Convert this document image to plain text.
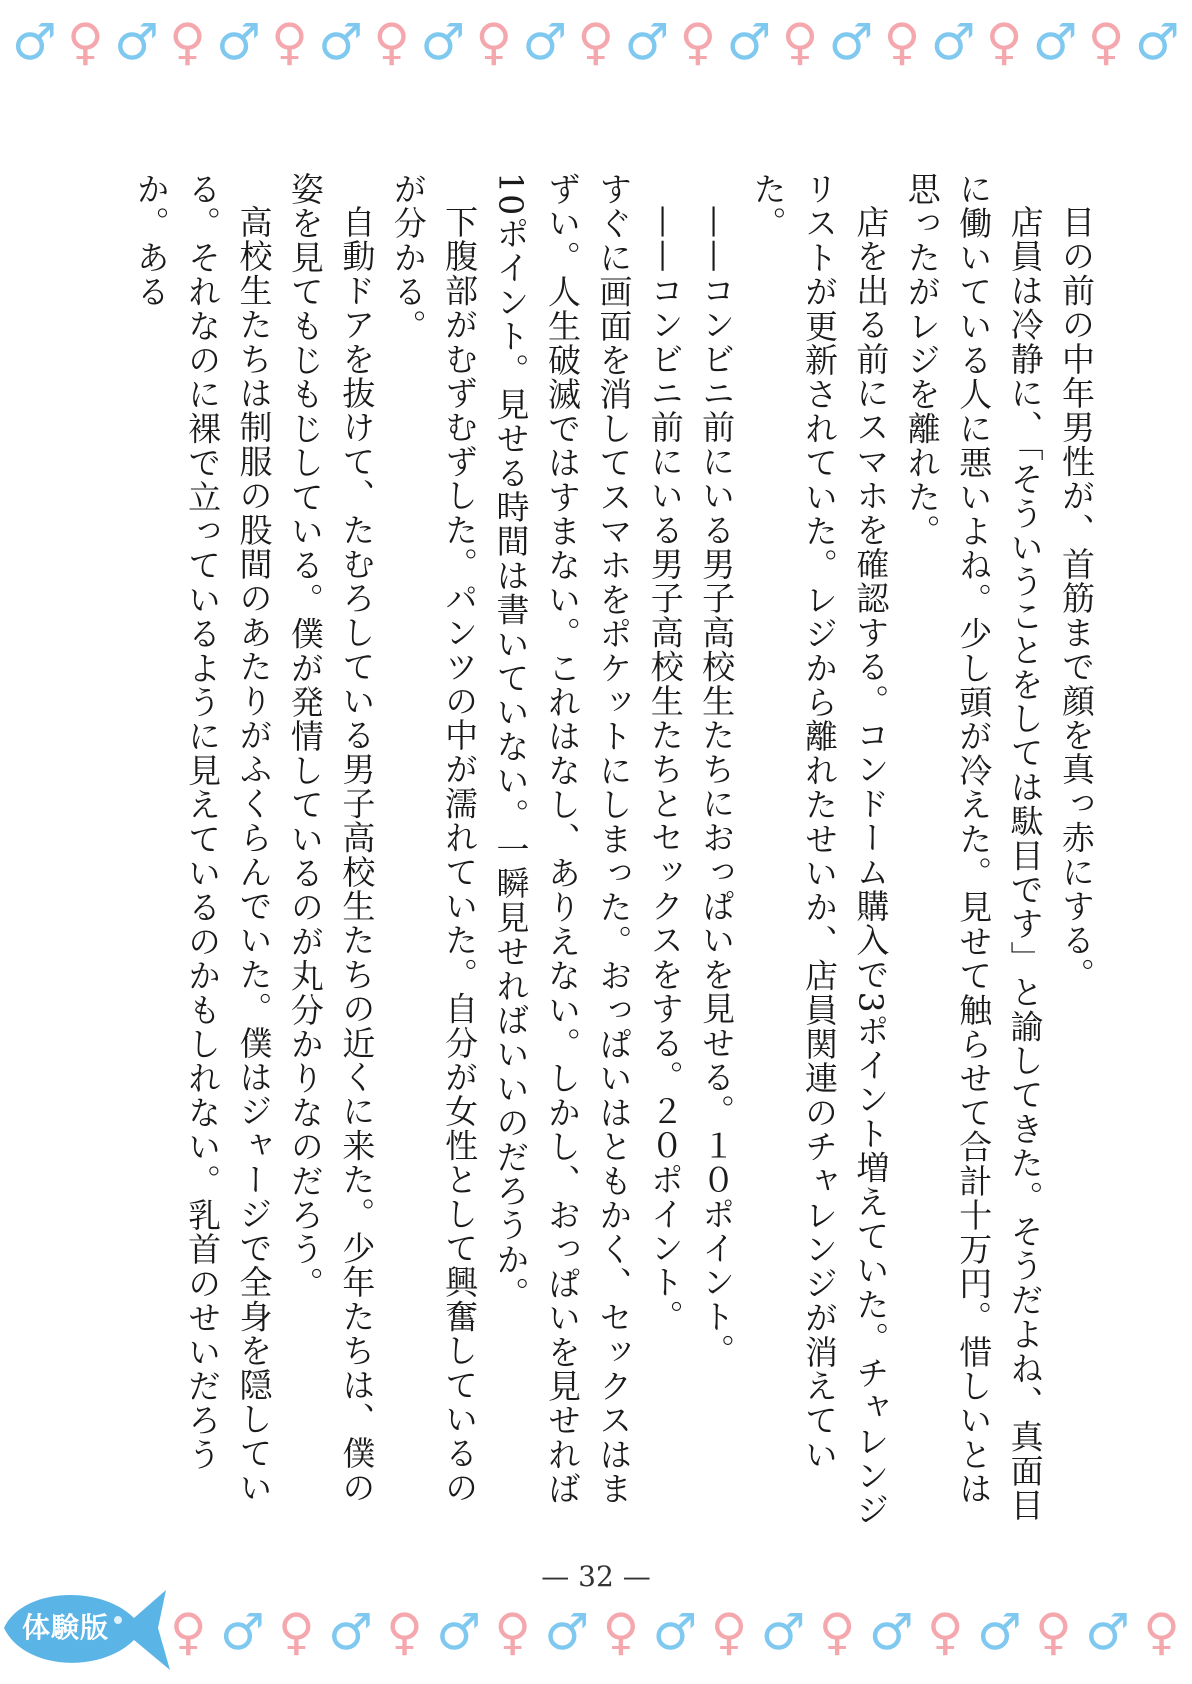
♂ ♀ ♂ ♀ ♂ ♀ ♂ ♀ ♂ ♀ ♂ ♀ ♂ ♀ ♂ ♀ ♂ ♀ ♂ ♀ ♂ ♀ ♂

目の前の中年男性が、首筋まで顔を真っ赤にする。

店員は冷静に、「そういうことをしては駄目です」と諭してきた。そうだよね、真面目に働いている人に悪いよね。少し頭が冷えた。見せて触らせて合計十万円。惜しいとは思ったがレジを離れた。

店を出る前にスマホを確認する。コンドーム購入で3ポイント増えていた。チャレンジリストが更新されていた。レジから離れたせいか、店員関連のチャレンジが消えていた。

——コンビニ前にいる男子高校生たちにおっぱいを見せる。１０ポイント。

——コンビニ前にいる男子高校生たちとセックスをする。２０ポイント。

すぐに画面を消してスマホをポケットにしまった。おっぱいはともかく、セックスはまずい。人生破滅ではすまない。これはなし、ありえない。しかし、おっぱいを見せれば10ポイント。見せる時間は書いていない。一瞬見せればいいのだろうか。

下腹部がむずむずした。パンツの中が濡れていた。自分が女性として興奮しているのが分かる。

自動ドアを抜けて、たむろしている男子高校生たちの近くに来た。少年たちは、僕の姿を見てもじもじしている。僕が発情しているのが丸分かりなのだろう。

高校生たちは制服の股間のあたりがふくらんでいた。僕はジャージで全身を隠している。それなのに裸で立っているように見えているのかもしれない。乳首のせいだろうか。ある

— 32 —
♀ ♂ ♀ ♂ ♀ ♂ ♀ ♂ ♀ ♂ ♀ ♂ ♀ ♂ ♀ ♂ ♀ ♂ ♀
体験版
